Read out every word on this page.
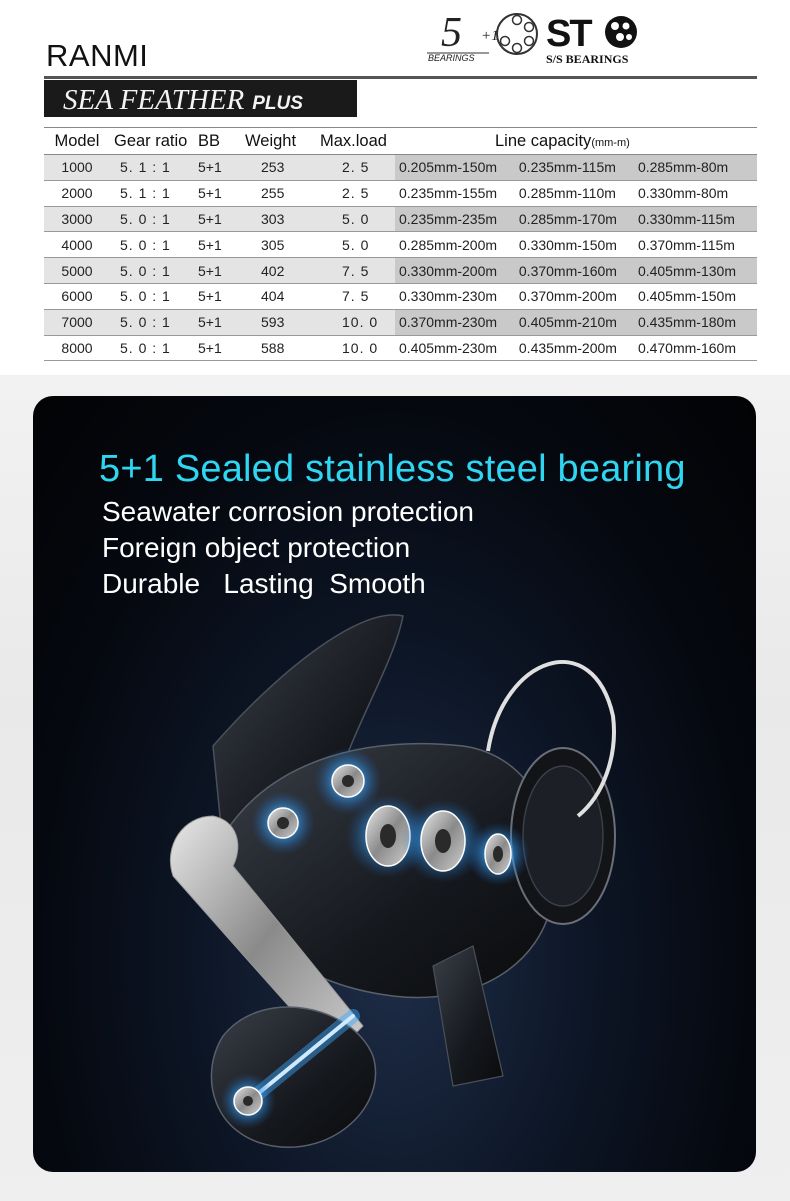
RANMI	5 +1
BEARINGS
ST
S/S BEARINGS
SEA FEATHER PLUS
Model	Gear ratio	BB	Weight	Max.load	Line capacity(mm-m)		
1000	5. 1 : 1	5+1	253	2. 5	0.205mm-150m	0.235mm-115m	0.285mm-80m
2000	5. 1 : 1	5+1	255	2. 5	0.235mm-155m	0.285mm-110m	0.330mm-80m
3000	5. 0 : 1	5+1	303	5. 0	0.235mm-235m	0.285mm-170m	0.330mm-115m
4000	5. 0 : 1	5+1	305	5. 0	0.285mm-200m	0.330mm-150m	0.370mm-115m
5000	5. 0 : 1	5+1	402	7. 5	0.330mm-200m	0.370mm-160m	0.405mm-130m
6000	5. 0 : 1	5+1	404	7. 5	0.330mm-230m	0.370mm-200m	0.405mm-150m
7000	5. 0 : 1	5+1	593	10. 0	0.370mm-230m	0.405mm-210m	0.435mm-180m
8000	5. 0 : 1	5+1	588	10. 0	0.405mm-230m	0.435mm-200m	0.470mm-160m
5+1 Sealed stainless steel bearing
Seawater corrosion protection
Foreign object protection
Durable   Lasting  Smooth
